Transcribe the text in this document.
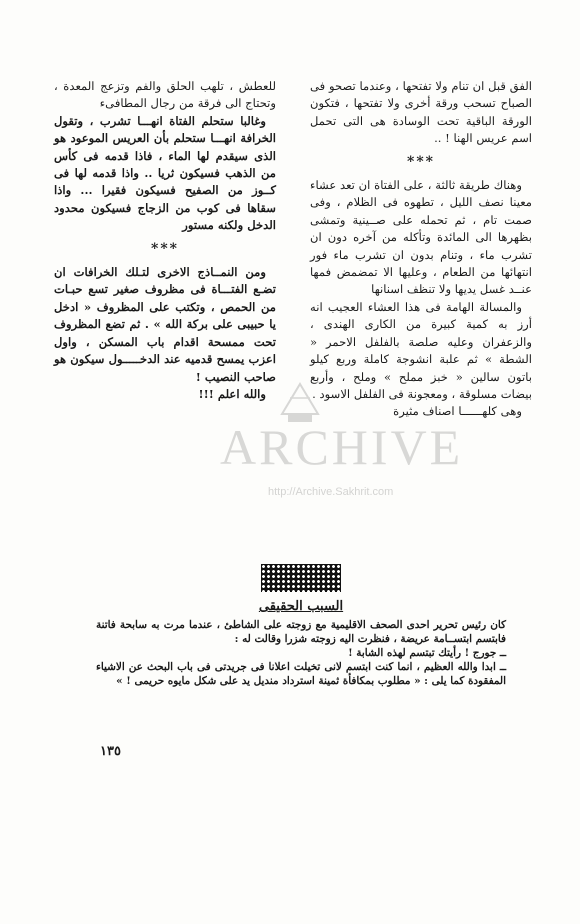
الفق قبل ان تنام ولا تفتحها ، وعندما تصحو فى الصباح تسحب ورقة أخرى ولا تفتحها ، فتكون الورقة الباقية تحت الوسادة هى التى تحمل اسم عريس الهنا ! ..

***

وهناك طريقة ثالثة ، على الفتاة ان تعد عشاء معينا نصف الليل ، تطهوه فى الظلام ، وفى صمت تام ، ثم تحمله على صــينية وتمشى بظهرها الى المائدة وتأكله من آخره دون ان تشرب ماء ، وتنام بدون ان تشرب ماء فور انتهائها من الطعام ، وعليها الا تمضمض فمها عنــد غسل يديها ولا تنظف اسنانها

والمسالة الهامة فى هذا العشاء العجيب انه أرز به كمية كبيرة من الكارى الهندى ، والزعفران وعليه صلصة بالفلفل الاحمر « الشطة » ثم علبة انشوجة كاملة وربع كيلو باتون سالين « خبز مملح » وملح ، وأربع بيضات مسلوقة ، ومعجونة فى الفلفل الاسود .

وهى كلهــــــا اصناف مثيرة

للعطش ، تلهب الحلق والفم وتزعج المعدة ، وتحتاج الى فرقة من رجال المطافىء

وغالبا ستحلم الفتاة انهـــا تشرب ، وتقول الخرافة انهـــا ستحلم بأن العريس الموعود هو الذى سيقدم لها الماء ، فاذا قدمه فى كأس من الذهب فسيكون ثريا .. واذا قدمه لها فى كــوز من الصفيح فسيكون فقيرا ... واذا سقاها فى كوب من الزجاج فسيكون محدود الدخل ولكنه مستور

***

ومن النمــاذج الاخرى لتـلك الخرافات ان تضـع الفتـــاة فى مظروف صغير تسع حبـات من الحمص ، وتكتب على المظروف « ادخل يا حبيبى على بركة الله » . ثم تضع المظروف تحت ممسحة اقدام باب المسكن ، واول اعزب يمسح قدميه عند الدخـــــول سيكون هو صاحب النصيب !

والله اعلم !!!

ARCHIVE
http://Archive.Sakhrit.com
السبب الحقيقى

كان رئيس تحرير احدى الصحف الاقليمية مع زوجته على الشاطئ ، عندما مرت به سابحة فاتنة فابتسم ابتســامة عريضة ، فنظرت اليه زوجته شزرا وقالت له :

ــ جورج ! رأيتك تبتسم لهذه الشابة !

ــ ابدا والله العظيم ، انما كنت ابتسم لانى تخيلت اعلانا فى جريدتى فى باب البحث عن الاشياء المفقودة كما يلى : « مطلوب بمكافأة ثمينة استرداد منديل يد على شكل مايوه حريمى ! »

١٣٥
